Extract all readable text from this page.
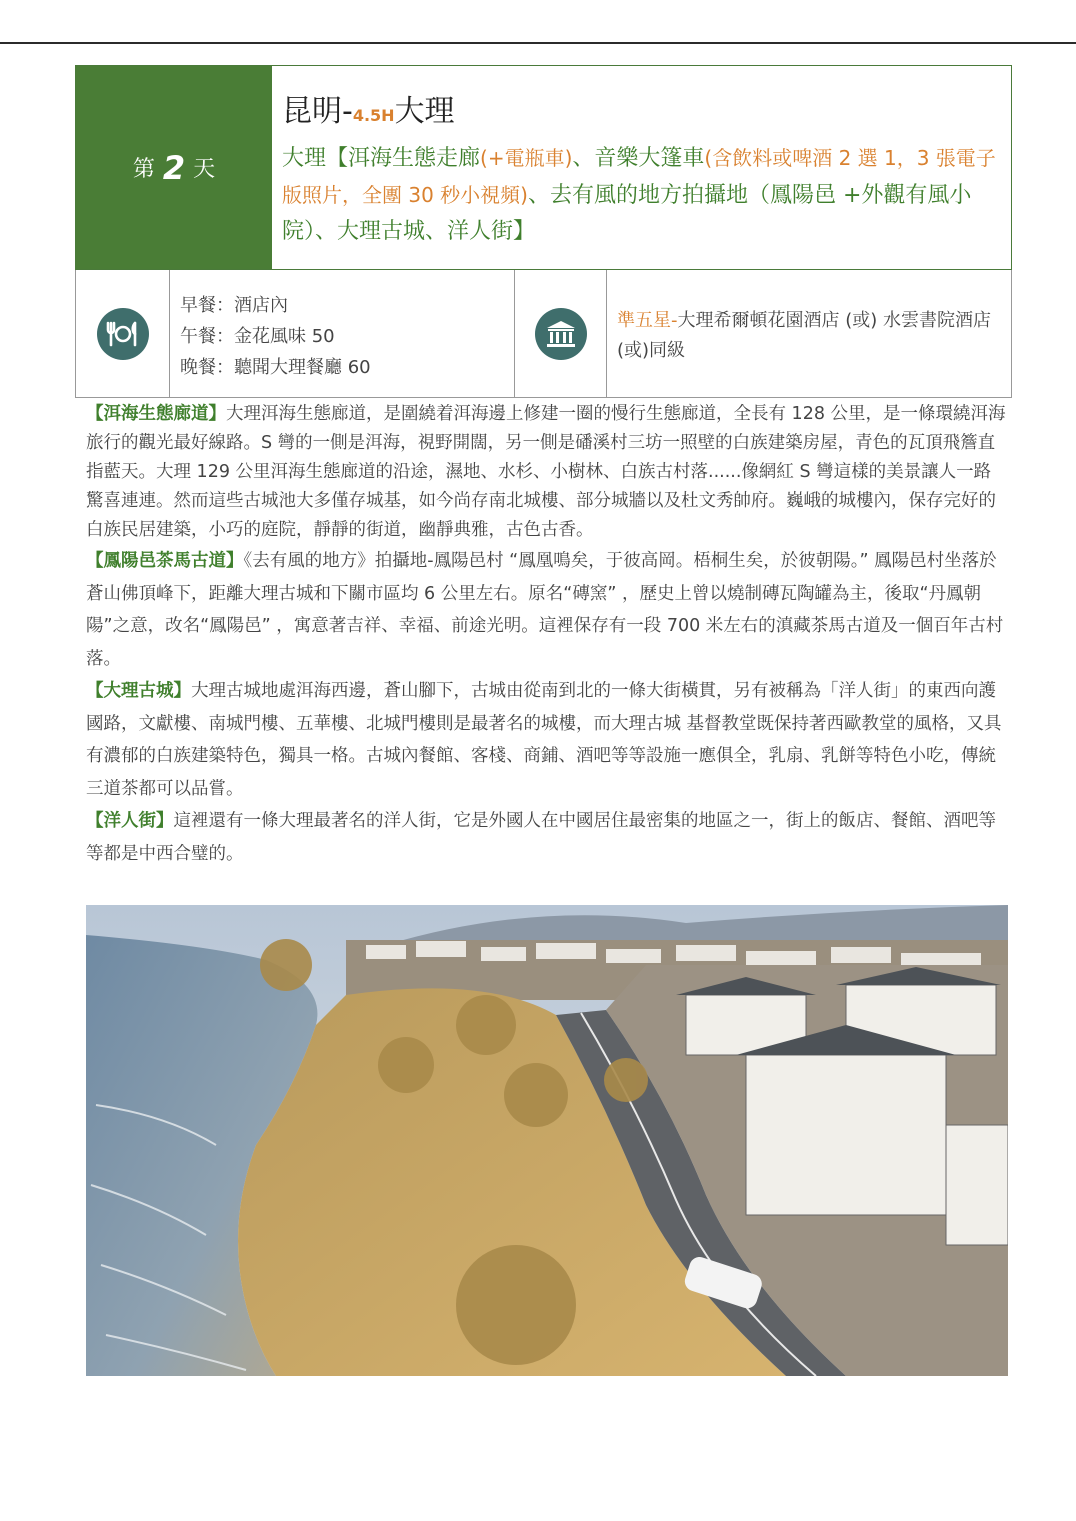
第 2 天
昆明-4.5H大理
大理【洱海生態走廊(+電瓶車)、音樂大篷車(含飲料或啤酒 2 選 1，3 張電子版照片，全團 30 秒小視頻)、去有風的地方拍攝地（鳳陽邑 +外觀有風小院）、大理古城、洋人街】
早餐：酒店內
午餐：金花風味 50
晚餐：聽聞大理餐廳 60
準五星-大理希爾頓花園酒店 (或) 水雲書院酒店 (或)同級

【洱海生態廊道】大理洱海生態廊道，是圍繞着洱海邊上修建一圈的慢行生態廊道，全長有 128 公里，是一條環繞洱海旅行的觀光最好線路。S 彎的一側是洱海，視野開闊，另一側是磻溪村三坊一照壁的白族建築房屋，青色的瓦頂飛簷直指藍天。大理 129 公里洱海生態廊道的沿途，濕地、水杉、小樹林、白族古村落......像網紅 S 彎這樣的美景讓人一路驚喜連連。然而這些古城池大多僅存城基，如今尚存南北城樓、部分城牆以及杜文秀帥府。巍峨的城樓內，保存完好的白族民居建築，小巧的庭院，靜靜的街道，幽靜典雅，古色古香。

【鳳陽邑茶馬古道】《去有風的地方》拍攝地-鳳陽邑村 “鳳凰鳴矣，于彼高岡。梧桐生矣，於彼朝陽。” 鳳陽邑村坐落於蒼山佛頂峰下，距離大理古城和下關市區均 6 公里左右。原名“磚窯” ，歷史上曾以燒制磚瓦陶罐為主，後取“丹鳳朝陽”之意，改名“鳳陽邑” ，寓意著吉祥、幸福、前途光明。這裡保存有一段 700 米左右的滇藏茶馬古道及一個百年古村落。

【大理古城】大理古城地處洱海西邊，蒼山腳下，古城由從南到北的一條大街橫貫，另有被稱為「洋人街」的東西向護國路，文獻樓、南城門樓、五華樓、北城門樓則是最著名的城樓，而大理古城 基督教堂既保持著西歐教堂的風格，又具有濃郁的白族建築特色，獨具一格。古城內餐館、客棧、商鋪、酒吧等等設施一應俱全，乳扇、乳餅等特色小吃，傳統三道茶都可以品嘗。

【洋人街】這裡還有一條大理最著名的洋人街，它是外國人在中國居住最密集的地區之一，街上的飯店、餐館、酒吧等等都是中西合璧的。
